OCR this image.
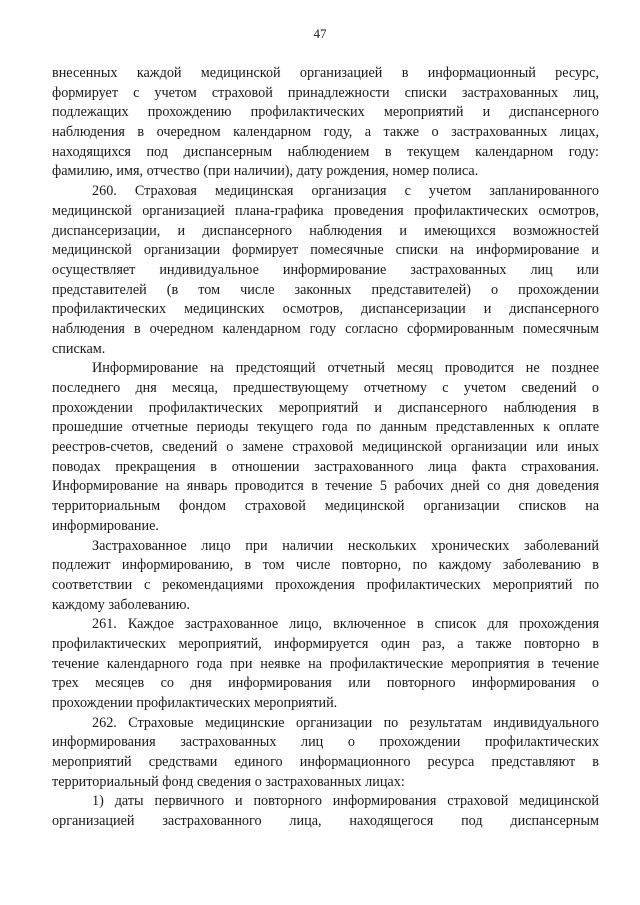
47
внесенных каждой медицинской организацией в информационный ресурс,
формирует с учетом страховой принадлежности списки застрахованных лиц,
подлежащих прохождению профилактических мероприятий и диспансерного
наблюдения в очередном календарном году, а также о застрахованных лицах,
находящихся под диспансерным наблюдением в текущем календарном году:
фамилию, имя, отчество (при наличии), дату рождения, номер полиса.
260. Страховая медицинская организация с учетом запланированного
медицинской организацией плана-графика проведения профилактических осмотров,
диспансеризации, и диспансерного наблюдения и имеющихся возможностей
медицинской организации формирует помесячные списки на информирование и
осуществляет индивидуальное информирование застрахованных лиц или
представителей (в том числе законных представителей) о прохождении
профилактических медицинских осмотров, диспансеризации и диспансерного
наблюдения в очередном календарном году согласно сформированным помесячным
спискам.
Информирование на предстоящий отчетный месяц проводится не позднее
последнего дня месяца, предшествующему отчетному с учетом сведений о
прохождении профилактических мероприятий и диспансерного наблюдения в
прошедшие отчетные периоды текущего года по данным представленных к оплате
реестров-счетов, сведений о замене страховой медицинской организации или иных
поводах прекращения в отношении застрахованного лица факта страхования.
Информирование на январь проводится в течение 5 рабочих дней со дня доведения
территориальным фондом страховой медицинской организации списков на
информирование.
Застрахованное лицо при наличии нескольких хронических заболеваний
подлежит информированию, в том числе повторно, по каждому заболеванию в
соответствии с рекомендациями прохождения профилактических мероприятий по
каждому заболеванию.
261. Каждое застрахованное лицо, включенное в список для прохождения
профилактических мероприятий, информируется один раз, а также повторно в
течение календарного года при неявке на профилактические мероприятия в течение
трех месяцев со дня информирования или повторного информирования о
прохождении профилактических мероприятий.
262. Страховые медицинские организации по результатам индивидуального
информирования застрахованных лиц о прохождении профилактических
мероприятий средствами единого информационного ресурса представляют в
территориальный фонд сведения о застрахованных лицах:
1) даты первичного и повторного информирования страховой медицинской
организацией застрахованного лица, находящегося под диспансерным
